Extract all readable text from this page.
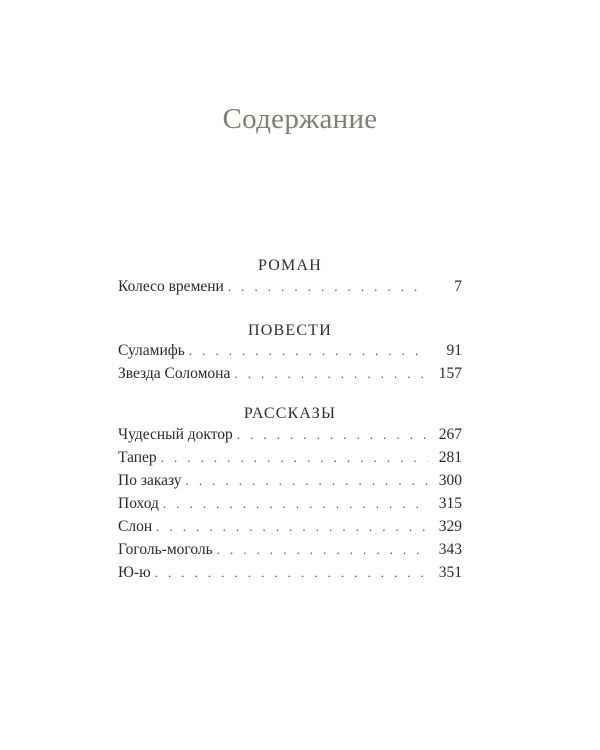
Содержание
РОМАН
Колесо времени . . .	7
ПОВЕСТИ
Суламифь . . .	91
Звезда Соломона . . .	157
РАССКАЗЫ
Чудесный доктор . . .	267
Тапер . . .	281
По заказу . . .	300
Поход . . .	315
Слон . . .	329
Гоголь-моголь . . .	343
Ю-ю . . .	351
